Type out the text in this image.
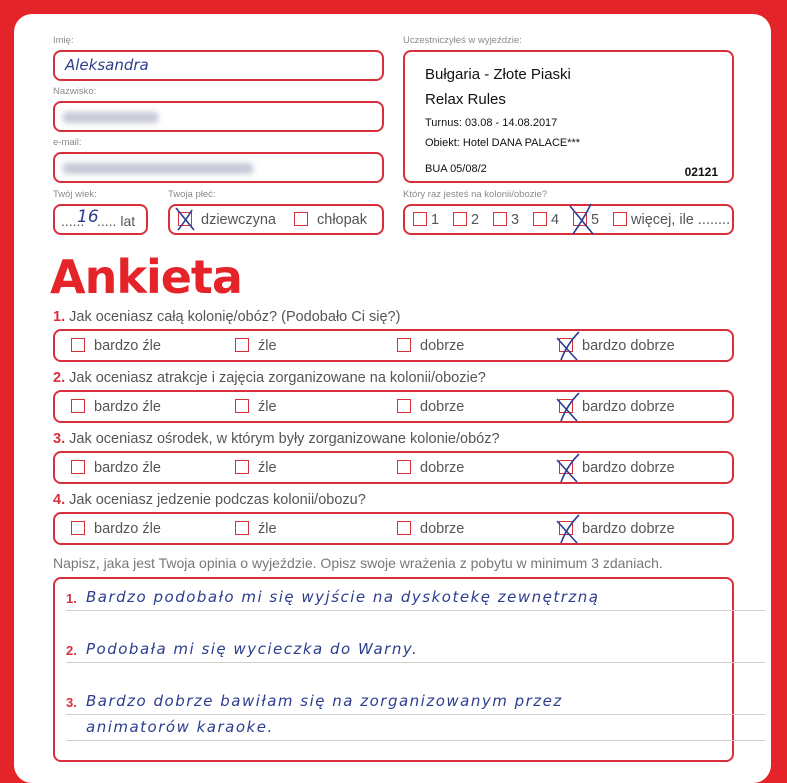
Imię:
Aleksandra
Nazwisko:
e-mail:
Twój wiek:
......
16
..... lat
Twoja płeć:
dziewczyna	chłopak
Uczestniczyłeś w wyjeździe:
Bułgaria - Złote Piaski
Relax Rules
Turnus: 03.08 - 14.08.2017
Obiekt: Hotel DANA PALACE***
BUA 05/08/2	02121
Który raz jesteś na kolonii/obozie?
1	2	3	4	5	więcej, ile ........
Ankieta
1. Jak oceniasz całą kolonię/obóz? (Podobało Ci się?)
bardzo źle	źle	dobrze	bardzo dobrze
2. Jak oceniasz atrakcje i zajęcia zorganizowane na kolonii/obozie?
bardzo źle	źle	dobrze	bardzo dobrze
3. Jak oceniasz ośrodek, w którym były zorganizowane kolonie/obóz?
bardzo źle	źle	dobrze	bardzo dobrze
4. Jak oceniasz jedzenie podczas kolonii/obozu?
bardzo źle	źle	dobrze	bardzo dobrze
Napisz, jaka jest Twoja opinia o wyjeździe. Opisz swoje wrażenia z pobytu w minimum 3 zdaniach.
1. Bardzo podobało mi się wyjście na dyskotekę zewnętrzną
2. Podobała mi się wycieczka do Warny.
3. Bardzo dobrze bawiłam się na zorganizowanym przez
animatorów karaoke.
